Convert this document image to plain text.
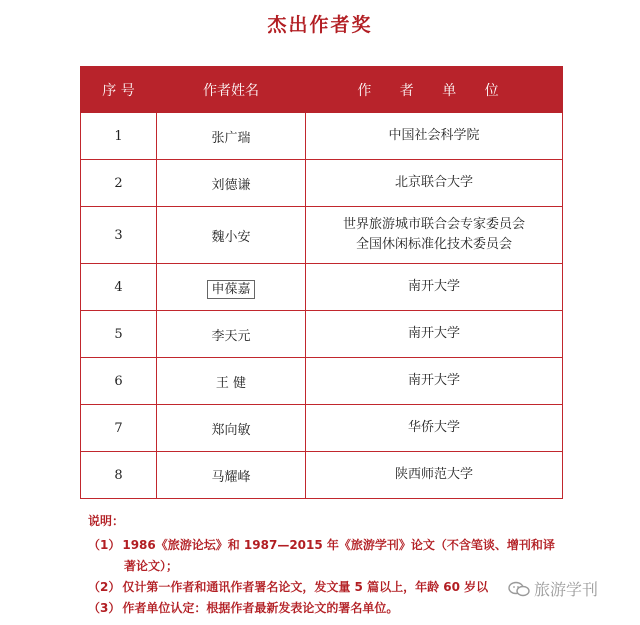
杰出作者奖
序 号	作者姓名	作 者 单 位
1	张广瑞	中国社会科学院

2	刘德谦	北京联合大学

3	魏小安	世界旅游城市联合会专家委员会
全国休闲标准化技术委员会

4	申葆嘉	南开大学

5	李天元	南开大学

6	王 健	南开大学

7	郑向敏	华侨大学

8	马耀峰	陕西师范大学
说明：
（1） 1986《旅游论坛》和 1987—2015 年《旅游学刊》论文（不含笔谈、增刊和译
著论文）；
（2） 仅计第一作者和通讯作者署名论文，发文量 5 篇以上，年龄 60 岁以
（3） 作者单位认定：根据作者最新发表论文的署名单位。
旅游学刊
